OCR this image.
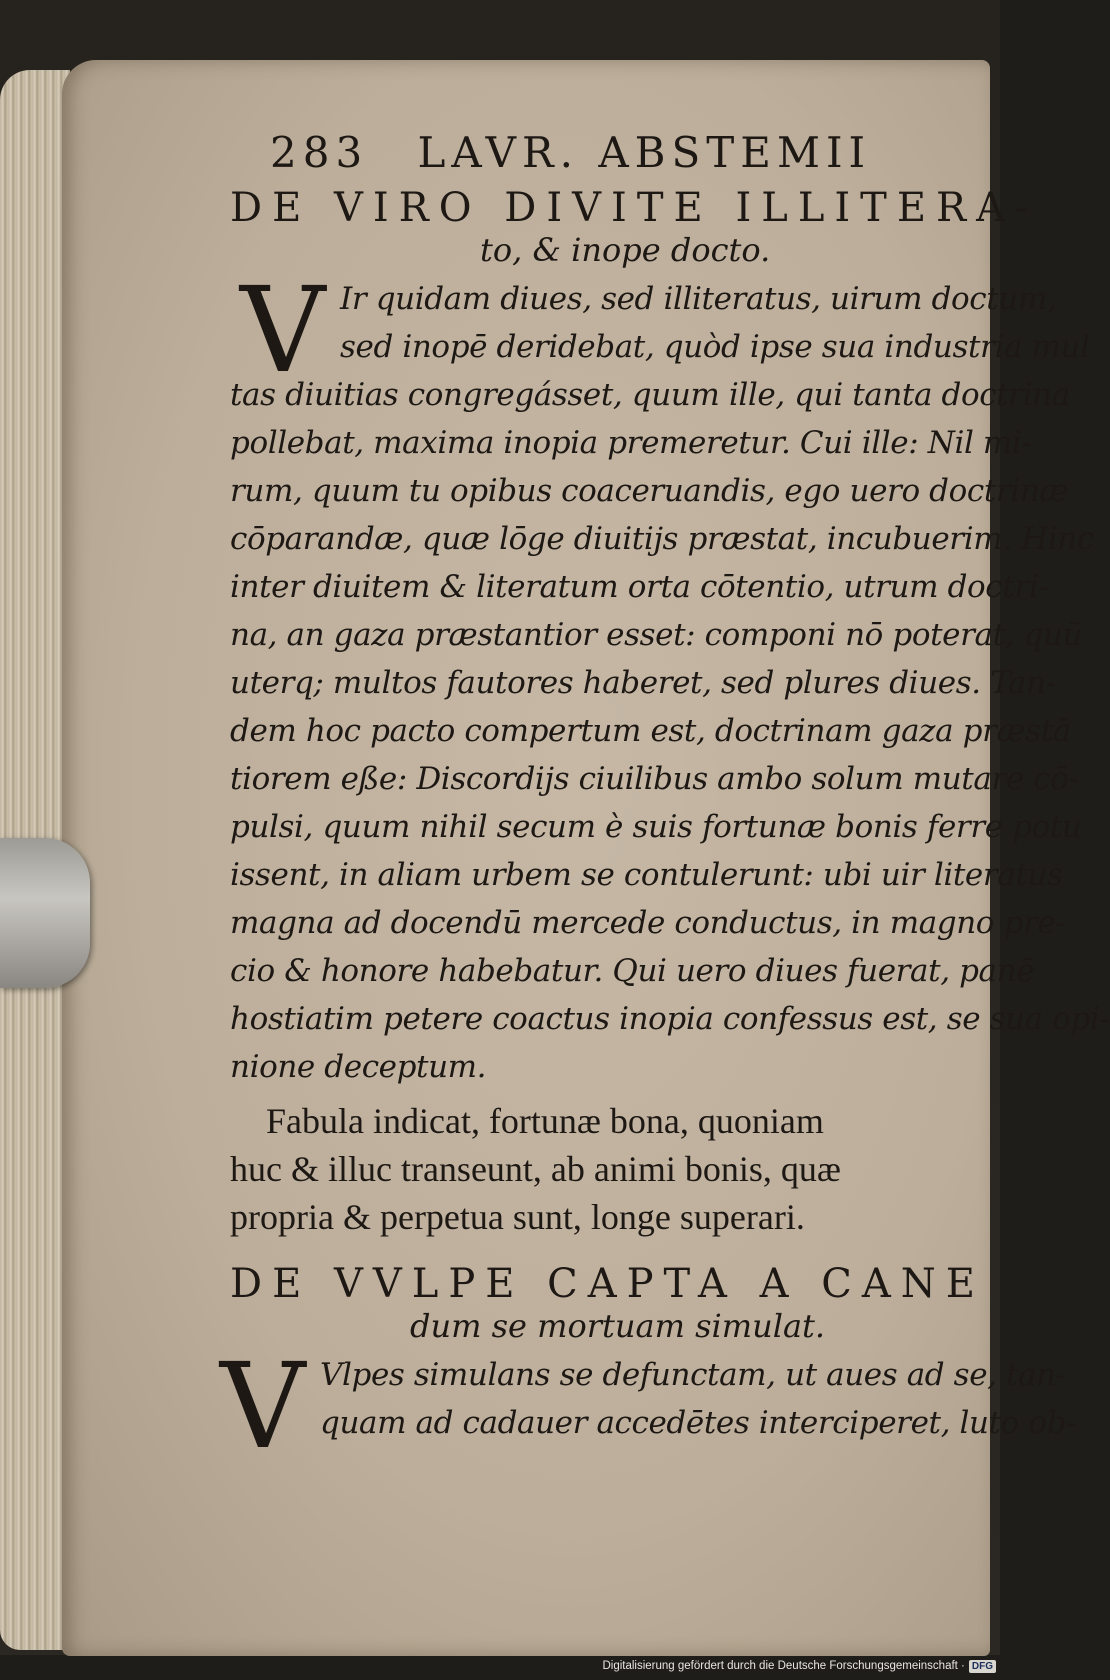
283 LAVR. ABSTEMII
DE VIRO DIVITE ILLITERA-
to, & inope docto.
V Ir quidam diues, sed illiteratus, uirum doctum,
sed inopē deridebat, quòd ipse sua industria mul
tas diuitias congregásset, quum ille, qui tanta doctrina
pollebat, maxima inopia premeretur. Cui ille: Nil mi-
rum, quum tu opibus coaceruandis, ego uero doctrinæ
cōparandæ, quæ lōge diuitijs præstat, incubuerim. Hinc
inter diuitem & literatum orta cōtentio, utrum doctri-
na, an gaza præstantior esset: componi nō poterat, quū
uterq; multos fautores haberet, sed plures diues. Tan-
dem hoc pacto compertum est, doctrinam gaza præstā
tiorem eße: Discordijs ciuilibus ambo solum mutare cō-
pulsi, quum nihil secum è suis fortunæ bonis ferre potu
issent, in aliam urbem se contulerunt: ubi uir literatus
magna ad docendū mercede conductus, in magno pre-
cio & honore habebatur. Qui uero diues fuerat, panē
hostiatim petere coactus inopia confessus est, se sua opi-
nione deceptum.
Fabula indicat, fortunæ bona, quoniam
huc & illuc transeunt, ab animi bonis, quæ
propria & perpetua sunt, longe superari.
DE VVLPE CAPTA A CANE
dum se mortuam simulat.
V Vlpes simulans se defunctam, ut aues ad se, tan-
quam ad cadauer accedētes interciperet, luto ob-
Digitalisierung gefördert durch die Deutsche Forschungsgemeinschaft · DFG
